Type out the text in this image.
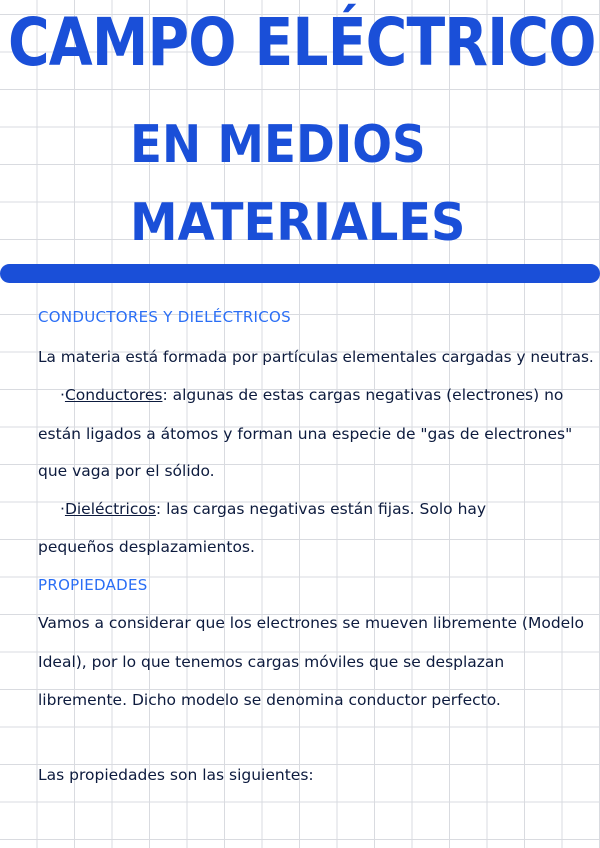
CAMPO ELÉCTRICO
EN MEDIOS
MATERIALES
CONDUCTORES Y DIELÉCTRICOS
La materia está formada por partículas elementales cargadas y neutras.
·Conductores: algunas de estas cargas negativas (electrones) no
están ligados a átomos y forman una especie de "gas de electrones"
que vaga por el sólido.
·Dieléctricos: las cargas negativas están fijas. Solo hay
pequeños desplazamientos.
PROPIEDADES
Vamos a considerar que los electrones se mueven libremente (Modelo
Ideal), por lo que tenemos cargas móviles que se desplazan
libremente. Dicho modelo se denomina conductor perfecto.
Las propiedades son las siguientes:
